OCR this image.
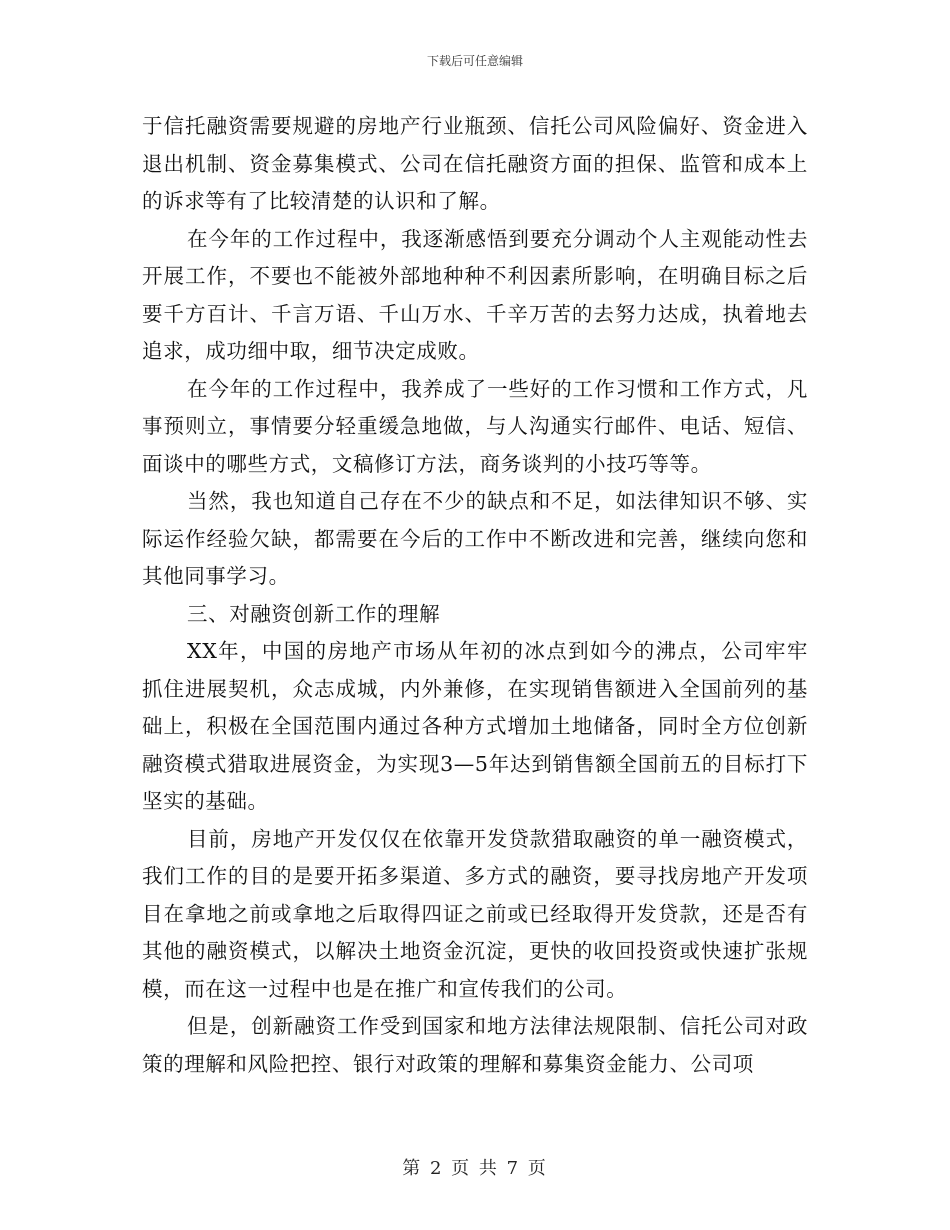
下载后可任意编辑

于信托融资需要规避的房地产行业瓶颈、信托公司风险偏好、资金进入退出机制、资金募集模式、公司在信托融资方面的担保、监管和成本上的诉求等有了比较清楚的认识和了解。

在今年的工作过程中，我逐渐感悟到要充分调动个人主观能动性去开展工作，不要也不能被外部地种种不利因素所影响，在明确目标之后要千方百计、千言万语、千山万水、千辛万苦的去努力达成，执着地去追求，成功细中取，细节决定成败。

在今年的工作过程中，我养成了一些好的工作习惯和工作方式，凡事预则立，事情要分轻重缓急地做，与人沟通实行邮件、电话、短信、面谈中的哪些方式，文稿修订方法，商务谈判的小技巧等等。

当然，我也知道自己存在不少的缺点和不足，如法律知识不够、实际运作经验欠缺，都需要在今后的工作中不断改进和完善，继续向您和其他同事学习。

三、对融资创新工作的理解

XX年，中国的房地产市场从年初的冰点到如今的沸点，公司牢牢抓住进展契机，众志成城，内外兼修，在实现销售额进入全国前列的基础上，积极在全国范围内通过各种方式增加土地储备，同时全方位创新融资模式猎取进展资金，为实现3—5年达到销售额全国前五的目标打下坚实的基础。

目前，房地产开发仅仅在依靠开发贷款猎取融资的单一融资模式，我们工作的目的是要开拓多渠道、多方式的融资，要寻找房地产开发项目在拿地之前或拿地之后取得四证之前或已经取得开发贷款，还是否有其他的融资模式，以解决土地资金沉淀，更快的收回投资或快速扩张规模，而在这一过程中也是在推广和宣传我们的公司。

但是，创新融资工作受到国家和地方法律法规限制、信托公司对政策的理解和风险把控、银行对政策的理解和募集资金能力、公司项

第 2 页 共 7 页
